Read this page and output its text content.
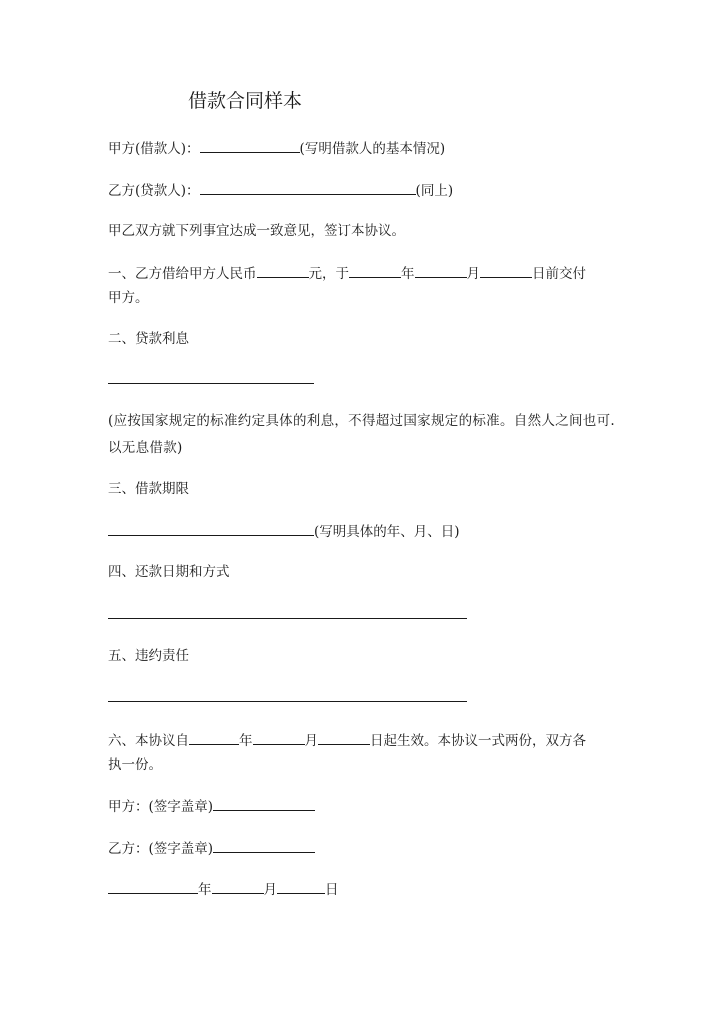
借款合同样本
甲方(借款人)：	(写明借款人的基本情况)
乙方(贷款人)：	(同上)
甲乙双方就下列事宜达成一致意见，签订本协议。
一、乙方借给甲方人民币	元，于	年	月	日前交付
甲方。
二、贷款利息
(应按国家规定的标准约定具体的利息，不得超过国家规定的标准。自然人之间也可. 以无息借款)
三、借款期限
(写明具体的年、月、日)
四、还款日期和方式
五、违约责任
六、本协议自	年	月	日起生效。本协议一式两份，双方各
执一份。
甲方：(签字盖章)
乙方：(签字盖章)
年	月	日
